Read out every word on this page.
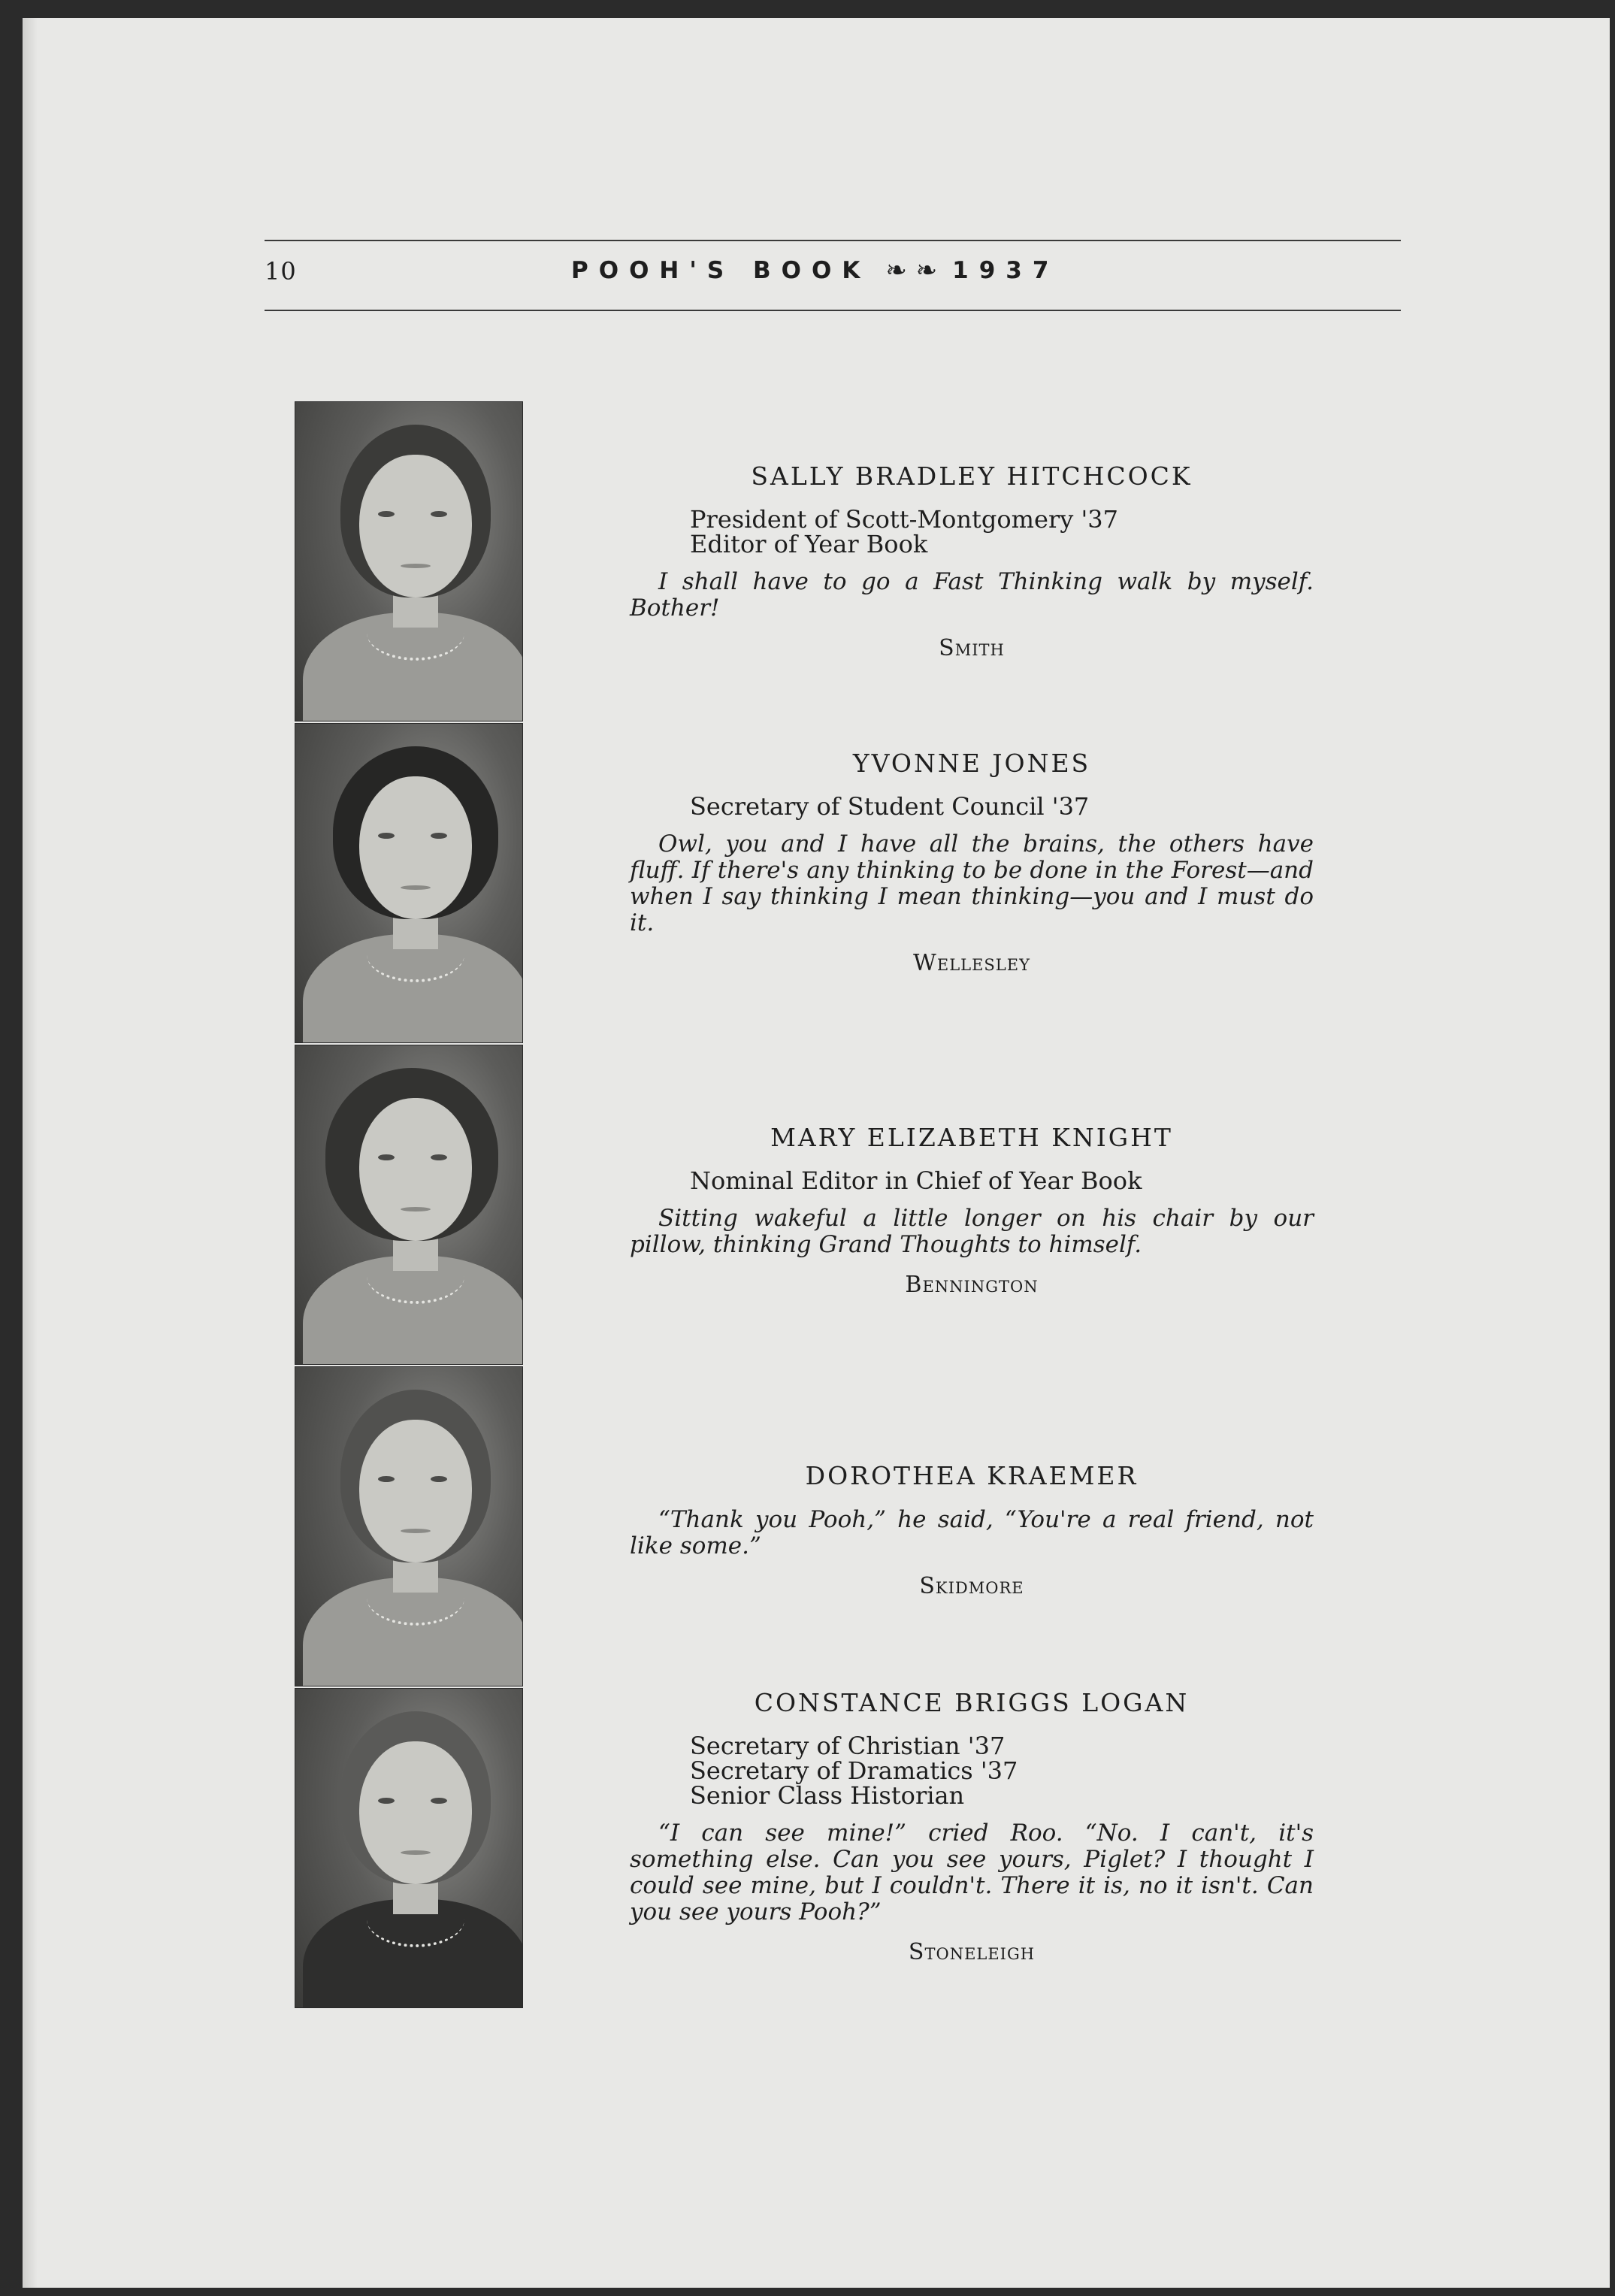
10	POOH'S BOOK ❧ ❧ 1937

SALLY BRADLEY HITCHCOCK

President of Scott-Montgomery '37
Editor of Year Book

I shall have to go a Fast Thinking walk by myself. Bother!

Smith

YVONNE JONES

Secretary of Student Council '37

Owl, you and I have all the brains, the others have fluff. If there's any thinking to be done in the Forest—and when I say thinking I mean thinking—you and I must do it.

Wellesley

MARY ELIZABETH KNIGHT

Nominal Editor in Chief of Year Book

Sitting wakeful a little longer on his chair by our pillow, thinking Grand Thoughts to himself.

Bennington

DOROTHEA KRAEMER

“Thank you Pooh,” he said, “You're a real friend, not like some.”

Skidmore

CONSTANCE BRIGGS LOGAN

Secretary of Christian '37
Secretary of Dramatics '37
Senior Class Historian

“I can see mine!” cried Roo. “No. I can't, it's something else. Can you see yours, Piglet? I thought I could see mine, but I couldn't. There it is, no it isn't. Can you see yours Pooh?”

Stoneleigh
